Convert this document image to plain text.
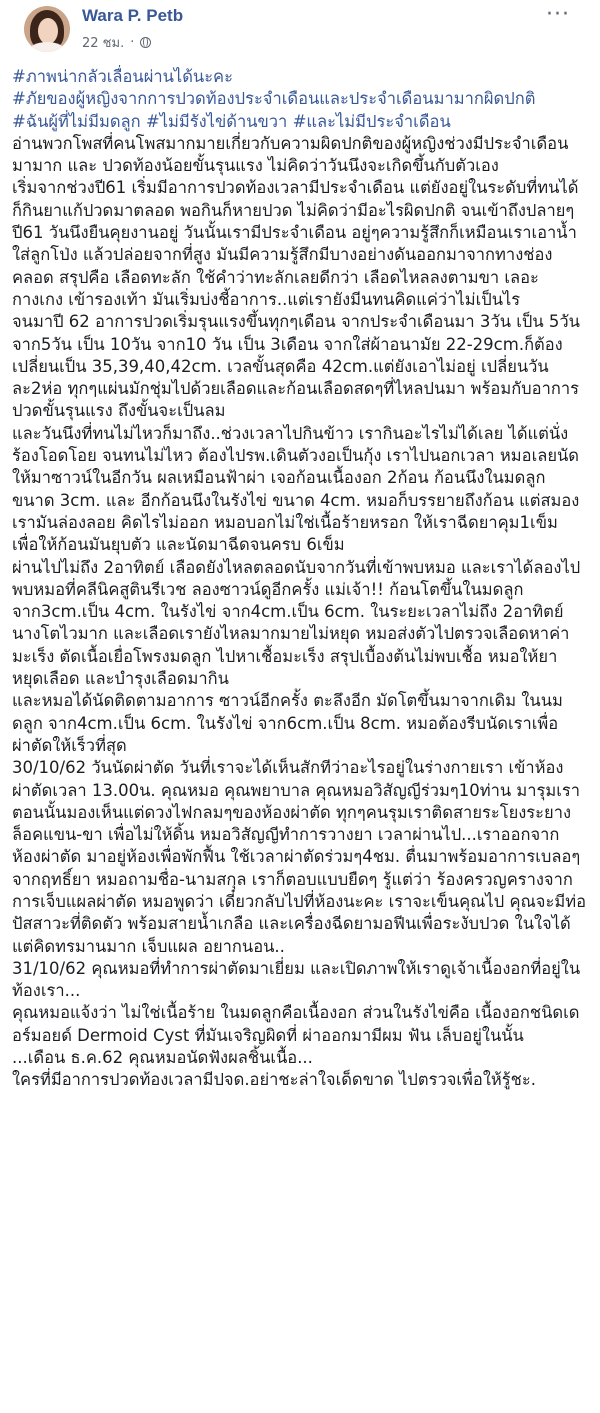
Wara P. Petb
22 ชม. ·
···

#ภาพน่ากลัวเลื่อนผ่านได้นะคะ

#ภัยของผู้หญิงจากการปวดท้องประจำเดือนและประจำเดือนมามากผิดปกติ

#ฉันผู้ที่ไม่มีมดลูก #ไม่มีรังไข่ด้านขวา #และไม่มีประจำเดือน

อ่านพวกโพสที่คนโพสมากมายเกี่ยวกับความผิดปกติของผู้หญิงช่วงมีประจำเดือน มามาก และ ปวดท้องน้อยขั้นรุนแรง ไม่คิดว่าวันนึงจะเกิดขึ้นกับตัวเอง

เริ่มจากช่วงปี61 เริ่มมีอาการปวดท้องเวลามีประจำเดือน แต่ยังอยู่ในระดับที่ทนได้ ก็กินยาแก้ปวดมาตลอด พอกินก็หายปวด ไม่คิดว่ามีอะไรผิดปกติ จนเข้าถึงปลายๆปี61 วันนึงยืนคุยงานอยู่ วันนั้นเรามีประจำเดือน อยู่ๆความรู้สึกก็เหมือนเราเอาน้ำใส่ลูกโป่ง แล้วปล่อยจากที่สูง มันมีความรู้สึกมีบางอย่างดันออกมาจากทางช่องคลอด สรุปคือ เลือดทะลัก ใช้คำว่าทะลักเลยดีกว่า เลือดไหลลงตามขา เลอะกางเกง เข้ารองเท้า มันเริ่มบ่งชี้อาการ..แต่เรายังมีนทนคิดแค่ว่าไม่เป็นไร

จนมาปี 62 อาการปวดเริ่มรุนแรงขึ้นทุกๆเดือน จากประจำเดือนมา 3วัน เป็น 5วัน จาก5วัน เป็น 10วัน จาก10 วัน เป็น 3เดือน จากใส่ผ้าอนามัย 22-29cm.ก็ต้องเปลี่ยนเป็น 35,39,40,42cm. เวลขั้นสุดคือ 42cm.แต่ยังเอาไม่อยู่ เปลี่ยนวันละ2ห่อ ทุกๆแผ่นมักชุ่มไปด้วยเลือดและก้อนเลือดสดๆที่ไหลปนมา พร้อมกับอาการปวดขั้นรุนแรง ถึงขั้นจะเป็นลม

และวันนึงที่ทนไม่ไหวก็มาถึง..ช่วงเวลาไปกินข้าว เรากินอะไรไม่ได้เลย ได้แต่นั่งร้องโอดโอย จนทนไม่ไหว ต้องไปรพ.เดินตัวงอเป็นกุ้ง เราไปนอกเวลา หมอเลยนัดให้มาซาวน์ในอีกวัน ผลเหมือนฟ้าผ่า เจอก้อนเนื้องอก 2ก้อน ก้อนนึงในมดลูก ขนาด 3cm. และ อีกก้อนนึงในรังไข่ ขนาด 4cm. หมอก็บรรยายถึงก้อน แต่สมองเรามันล่องลอย คิดไรไม่ออก หมอบอกไม่ใช่เนื้อร้ายหรอก ให้เราฉีดยาคุม1เข็ม เพื่อให้ก้อนมันยุบตัว และนัดมาฉีดจนครบ 6เข็ม

ผ่านไปไม่ถึง 2อาทิตย์ เลือดยังไหลตลอดนับจากวันที่เข้าพบหมอ และเราได้ลองไปพบหมอที่คลีนิคสูตินรีเวช ลองซาวน์ดูอีกครั้ง แม่เจ้า!! ก้อนโตขึ้นในมดลูก จาก3cm.เป็น 4cm. ในรังไข่ จาก4cm.เป็น 6cm. ในระยะเวลาไม่ถึง 2อาทิตย์ นางโตไวมาก และเลือดเรายังไหลมากมายไม่หยุด หมอส่งตัวไปตรวจเลือดหาค่ามะเร็ง ตัดเนื้อเยื่อโพรงมดลูก ไปหาเชื้อมะเร็ง สรุปเบื้องต้นไม่พบเชื้อ หมอให้ยาหยุดเลือด และบำรุงเลือดมากิน

และหมอได้นัดติดตามอาการ ซาวน์อีกครั้ง ตะลึงอีก มัดโตขึ้นมาจากเดิม ในนมดลูก จาก4cm.เป็น 6cm. ในรังไข่ จาก6cm.เป็น 8cm. หมอต้องรีบนัดเราเพื่อผ่าตัดให้เร็วที่สุด

30/10/62 วันนัดผ่าตัด วันที่เราจะได้เห็นสักทีว่าอะไรอยู่ในร่างกายเรา เข้าห้องผ่าตัดเวลา 13.00น. คุณหมอ คุณพยาบาล คุณหมอวิสัญญีร่วมๆ10ท่าน มารุมเรา ตอนนั้นมองเห็นแต่ดวงไฟกลมๆของห้องผ่าตัด ทุกๆคนรุมเราติดสายระโยงระยาง ล็อคแขน-ขา เพื่อไม่ให้ดิ้น หมอวิสัญญีทำการวางยา เวลาผ่านไป...เราออกจากห้องผ่าตัด มาอยู่ห้องเพื่อพักฟื้น ใช้เวลาผ่าตัดร่วมๆ4ชม. ตื่นมาพร้อมอาการเบลอๆ จากฤทธิ์ยา หมอถามชื่อ-นามสกุล เราก็ตอบแบบยืดๆ รู้แต่ว่า ร้องครวญครางจากการเจ็บแผลผ่าตัด หมอพูดว่า เดี๋ยวกลับไปที่ห้องนะคะ เราจะเข็นคุณไป คุณจะมีท่อปัสสาวะที่ติดตัว พร้อมสายน้ำเกลือ และเครื่องฉีดยามอฟีนเพื่อระงับปวด ในใจได้แต่คิดทรมานมาก เจ็บแผล อยากนอน..

31/10/62 คุณหมอที่ทำการผ่าตัดมาเยี่ยม และเปิดภาพให้เราดูเจ้าเนื้องอกที่อยู่ในท้องเรา...

คุณหมอแจ้งว่า ไม่ใช่เนื้อร้าย ในมดลูกคือเนื้องอก ส่วนในรังไข่คือ เนื้องอกชนิดเดอร์มอยด์ Dermoid Cyst ที่มันเจริญผิดที่ ผ่าออกมามีผม ฟัน เล็บอยู่ในนั้น

...เดือน ธ.ค.62 คุณหมอนัดฟังผลชิ้นเนื้อ...

ใครที่มีอาการปวดท้องเวลามีปจด.อย่าชะล่าใจเด็ดขาด ไปตรวจเพื่อให้รู้ชะ.
